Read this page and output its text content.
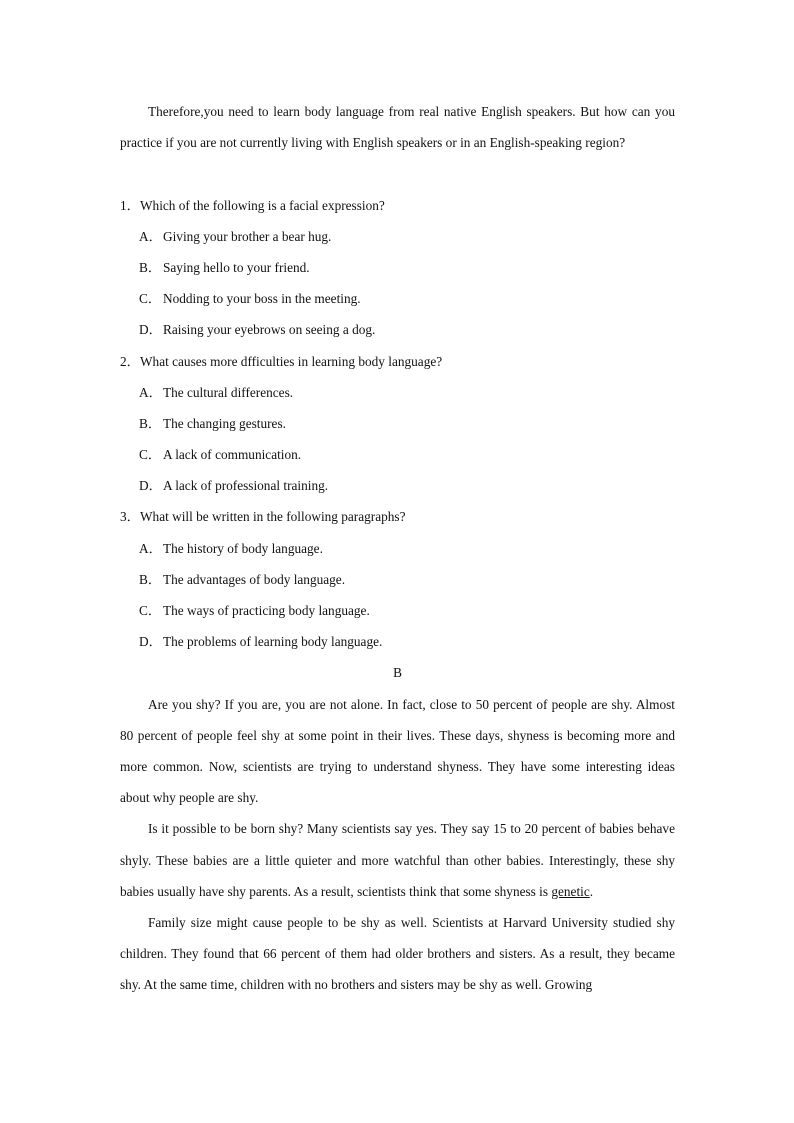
Therefore,you need to learn body language from real native English speakers. But how can you practice if you are not currently living with English speakers or in an English-speaking region?

1．Which of the following is a facial expression?
A．Giving your brother a bear hug.
B． Saying hello to your friend.
C． Nodding to your boss in the meeting.
D．Raising your eyebrows on seeing a dog.
2．What causes more dfficulties in learning body language?
A．The cultural differences.
B． The changing gestures.
C． A lack of communication.
D．A lack of professional training.
3．What will be written in the following paragraphs?
A．The history of body language.
B． The advantages of body language.
C． The ways of practicing body language.
D．The problems of learning body language.
B

Are you shy? If you are, you are not alone. In fact, close to 50 percent of people are shy. Almost 80 percent of people feel shy at some point in their lives. These days, shyness is becoming more and more common. Now, scientists are trying to understand shyness. They have some interesting ideas about why people are shy.

Is it possible to be born shy? Many scientists say yes. They say 15 to 20 percent of babies behave shyly. These babies are a little quieter and more watchful than other babies. Interestingly, these shy babies usually have shy parents. As a result, scientists think that some shyness is genetic.

Family size might cause people to be shy as well. Scientists at Harvard University studied shy children. They found that 66 percent of them had older brothers and sisters. As a result, they became shy. At the same time, children with no brothers and sisters may be shy as well. Growing
